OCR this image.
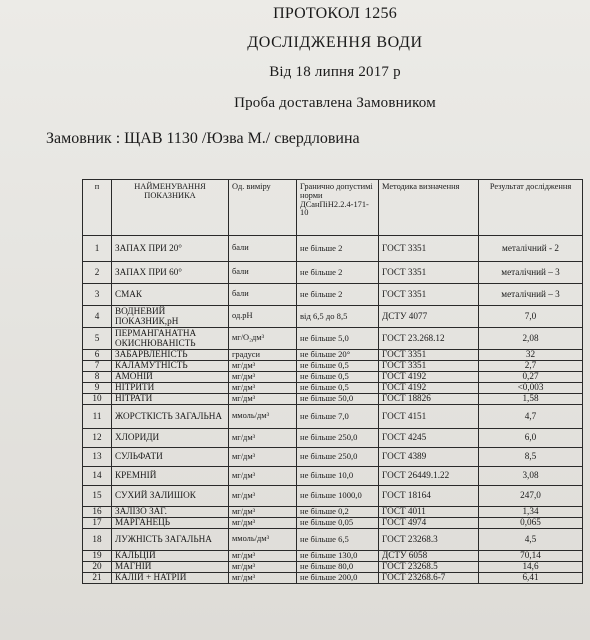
ПРОТОКОЛ 1256
ДОСЛІДЖЕННЯ ВОДИ
Від 18 липня 2017 р
Проба доставлена Замовником
Замовник : ЩАВ 1130 /Юзва М./ свердловина
п	НАЙМЕНУВАННЯ ПОКАЗНИКА	Од. виміру	Гранично допустимі норми ДСанПіН2.2.4-171-10	Методика визначення	Результат дослідження
1	ЗАПАХ ПРИ 20°	бали	не більше 2	ГОСТ 3351	металічний - 2
2	ЗАПАХ ПРИ 60°	бали	не більше 2	ГОСТ 3351	металічний – 3
3	СМАК	бали	не більше 2	ГОСТ 3351	металічний – 3
4	ВОДНЕВИЙ ПОКАЗНИК,pH	од.pH	від 6,5 до 8,5	ДСТУ 4077	7,0
5	ПЕРМАНГАНАТНА ОКИСНЮВАНІСТЬ	мг/О₂дм³	не більше 5,0	ГОСТ 23.268.12	2,08
6	ЗАБАРВЛЕНІСТЬ	градуси	не більше 20°	ГОСТ 3351	32
7	КАЛАМУТНІСТЬ	мг/дм³	не більше 0,5	ГОСТ 3351	2,7
8	АМОНІЙ	мг/дм³	не більше 0,5	ГОСТ 4192	0,27
9	НІТРИТИ	мг/дм³	не більше 0,5	ГОСТ 4192	<0,003
10	НІТРАТИ	мг/дм³	не більше 50,0	ГОСТ 18826	1,58
11	ЖОРСТКІСТЬ ЗАГАЛЬНА	ммоль/дм³	не більше 7,0	ГОСТ 4151	4,7
12	ХЛОРИДИ	мг/дм³	не більше 250,0	ГОСТ 4245	6,0
13	СУЛЬФАТИ	мг/дм³	не більше 250,0	ГОСТ 4389	8,5
14	КРЕМНІЙ	мг/дм³	не більше 10,0	ГОСТ 26449.1.22	3,08
15	СУХИЙ ЗАЛИШОК	мг/дм³	не більше 1000,0	ГОСТ 18164	247,0
16	ЗАЛІЗО ЗАГ.	мг/дм³	не більше 0,2	ГОСТ 4011	1,34
17	МАРГАНЕЦЬ	мг/дм³	не більше 0,05	ГОСТ 4974	0,065
18	ЛУЖНІСТЬ ЗАГАЛЬНА	ммоль/дм³	не більше 6,5	ГОСТ 23268.3	4,5
19	КАЛЬЦІЙ	мг/дм³	не більше 130,0	ДСТУ 6058	70,14
20	МАГНІЙ	мг/дм³	не більше 80,0	ГОСТ 23268.5	14,6
21	КАЛІЙ + НАТРІЙ	мг/дм³	не більше 200,0	ГОСТ 23268.6-7	6,41
